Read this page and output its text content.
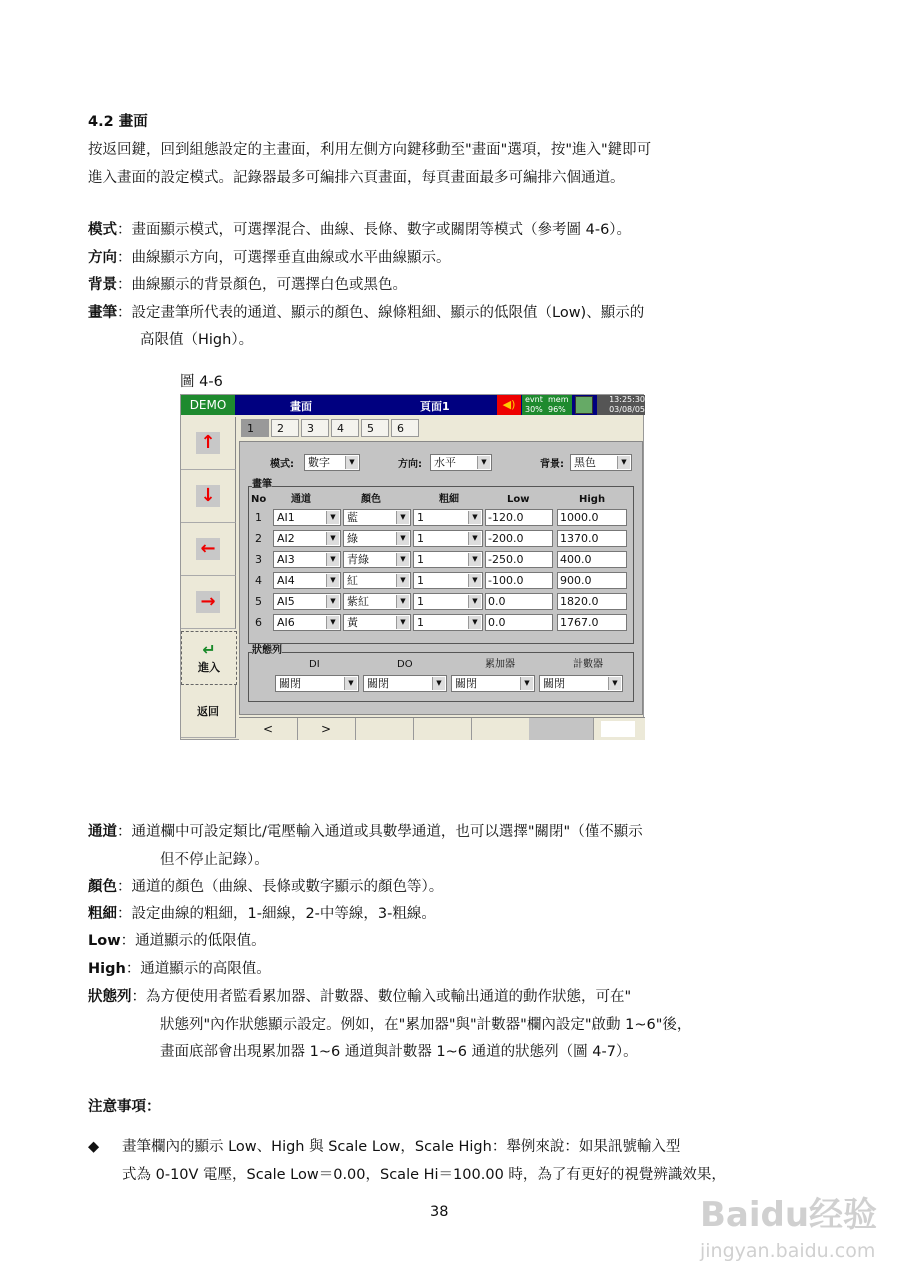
4.2 畫面
按返回鍵，回到組態設定的主畫面，利用左側方向鍵移動至"畫面"選項，按"進入"鍵即可
進入畫面的設定模式。記錄器最多可編排六頁畫面，每頁畫面最多可編排六個通道。
模式：畫面顯示模式，可選擇混合、曲線、長條、數字或關閉等模式（參考圖 4-6）。
方向：曲線顯示方向，可選擇垂直曲線或水平曲線顯示。
背景：曲線顯示的背景顏色，可選擇白色或黑色。
畫筆：設定畫筆所代表的通道、顯示的顏色、線條粗細、顯示的低限值（Low)、顯示的
高限值（High）。
圖 4-6
DEMO	畫面	頁面1	◀)	evnt mem
30% 96%
13:25:30
03/08/05
↑
↓
←
→
↵
進入
返回
1	2	3	4	5	6
模式:	數字	▼	方向:	水平	▼	背景: 黑色	▼
畫筆
No 通道	顏色	粗細	Low	High
1	AI1	▼	藍	▼	1	▼ -120.0	1000.0
2	AI2	▼	綠	▼	1	▼ -200.0	1370.0
3	AI3	▼	青綠	▼	1	▼ -250.0	400.0
4	AI4	▼	紅	▼	1	▼ -100.0	900.0
5	AI5	▼	紫紅	▼	1	▼ 0.0	1820.0
6	AI6	▼	黃	▼	1	▼ 0.0	1767.0
狀態列
DI
關閉	▼
DO
關閉	▼
累加器
關閉	▼
計數器
關閉	▼
<	>
通道：通道欄中可設定類比/電壓輸入通道或具數學通道，也可以選擇"關閉"（僅不顯示
但不停止記錄）。
顏色：通道的顏色（曲線、長條或數字顯示的顏色等）。
粗細：設定曲線的粗細，1-細線，2-中等線，3-粗線。
Low：通道顯示的低限值。
High：通道顯示的高限值。
狀態列：為方便使用者監看累加器、計數器、數位輸入或輸出通道的動作狀態，可在"
狀態列"內作狀態顯示設定。例如，在"累加器"與"計數器"欄內設定"啟動 1~6"後，
畫面底部會出現累加器 1~6 通道與計數器 1~6 通道的狀態列（圖 4-7）。
注意事項：
◆ 畫筆欄內的顯示 Low、High 與 Scale Low，Scale High：舉例來說：如果訊號輸入型
式為 0-10V 電壓，Scale Low＝0.00，Scale Hi＝100.00 時，為了有更好的視覺辨識效果，
38	Baidu经验
jingyan.baidu.com
